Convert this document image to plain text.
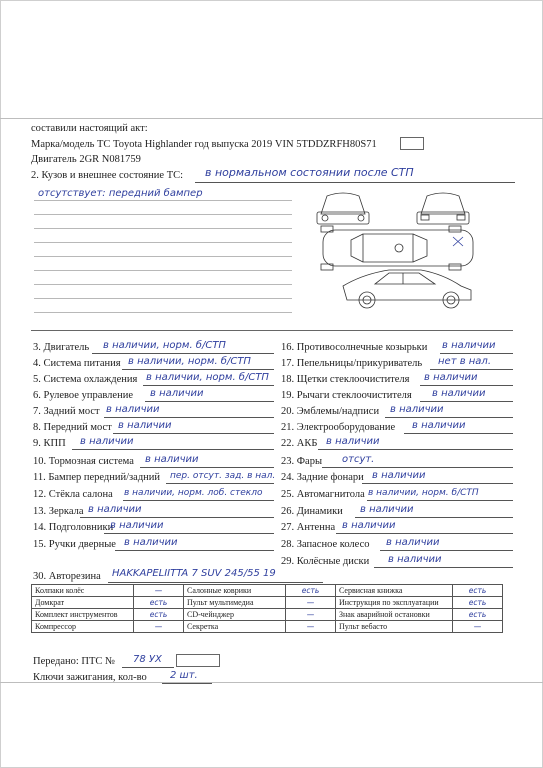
составили настоящий акт:
Марка/модель ТС Toyota Highlander год выпуска 2019 VIN 5TDDZRFH80S71
Двигатель 2GR N081759
2. Кузов и внешнее состояние ТС: в нормальном состоянии после СТП
отсутствует: передний бампер
3. Двигатель в наличии, норм. б/СТП
4. Система питания в наличии, норм. б/СТП
5. Система охлаждения в наличии, норм. б/СТП
6. Рулевое управление в наличии
7. Задний мост в наличии
8. Передний мост в наличии
9. КПП в наличии
10. Тормозная система в наличии
11. Бампер передний/задний пер. отсут. зад. в нал.
12. Стёкла салона в наличии, норм. лоб. стекло
13. Зеркала в наличии
14. Подголовники
в наличии
15. Ручки дверные в наличии
16. Противосолнечные козырьки в наличии
17. Пепельницы/прикуриватель нет в нал.
18. Щетки стеклоочистителя в наличии
19. Рычаги стеклоочистителя в наличии
20. Эмблемы/надписи в наличии
21. Электрооборудование в наличии
22. АКБ в наличии
23. Фары отсут.
24. Задние фонари в наличии
25. Автомагнитола в наличии, норм. б/СТП
26. Динамики в наличии
27. Антенна в наличии
28. Запасное колесо в наличии
29. Колёсные диски в наличии
30. Авторезина HAKKAPELIITTA 7 SUV 245/55 19
Колпаки колёс	—	Салонные коврики	есть	Сервисная книжка	есть
Домкрат	есть	Пульт мультимедиа	—	Инструкция по эксплуатации	есть
Комплект инструментов	есть	CD-чейнджер	—	Знак аварийной остановки	есть
Компрессор	—	Секретка	—	Пульт вебасто	—
Передано: ПТС № 78 УХ
Ключи зажигания, кол-во 2 шт.
